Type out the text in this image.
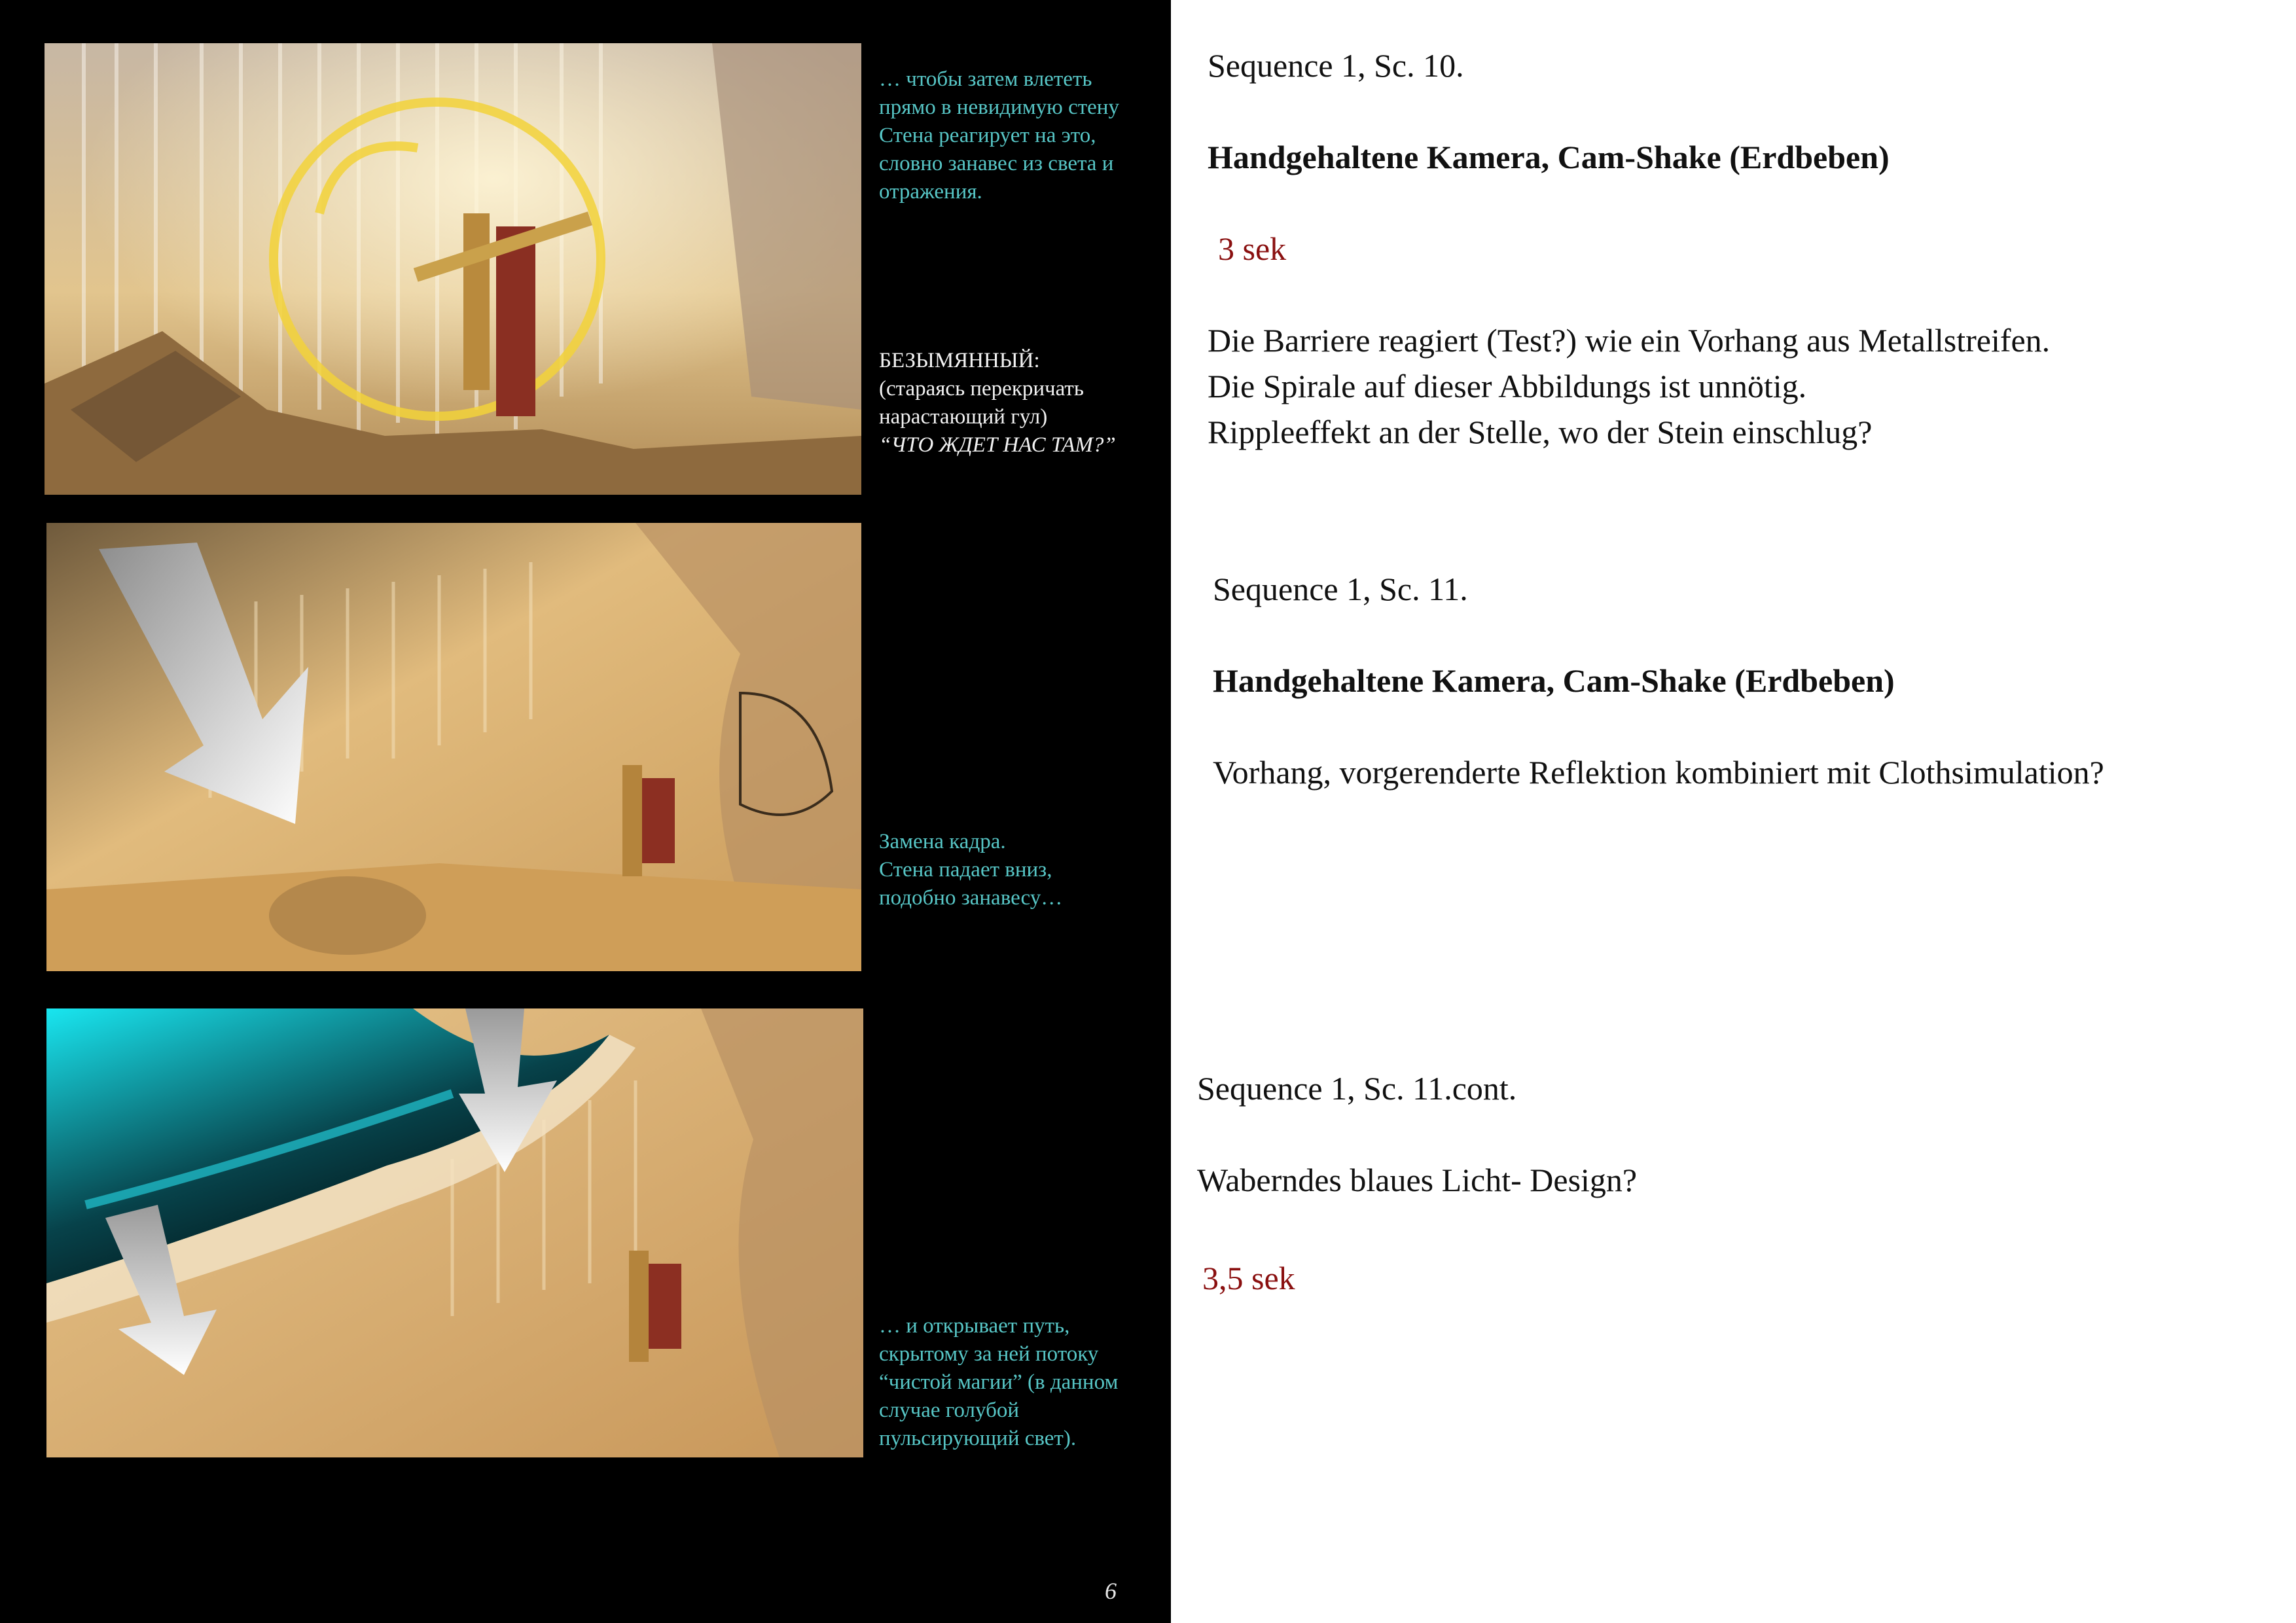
… чтобы затем влететь
прямо в невидимую стену
Стена реагирует на это,
словно занавес из света и
отражения.
БЕЗЫМЯННЫЙ:
(стараясь перекричать
нарастающий гул)
“ЧТО ЖДЕТ НАС ТАМ?”
Замена кадра.
Стена падает вниз,
подобно занавесу…
… и открывает путь,
скрытому за ней потоку
“чистой магии” (в данном
случае голубой
пульсирующий свет).
6
Sequence 1, Sc. 10.
Handgehaltene Kamera, Cam-Shake (Erdbeben)
3 sek
Die Barriere reagiert (Test?) wie ein Vorhang aus Metallstreifen.
Die Spirale auf dieser Abbildungs ist unnötig.
Rippleeffekt an der Stelle, wo der Stein einschlug?
Sequence 1, Sc. 11.
Handgehaltene Kamera, Cam-Shake (Erdbeben)
Vorhang, vorgerenderte Reflektion kombiniert mit Clothsimulation?
Sequence 1, Sc. 11.cont.
Waberndes blaues Licht- Design?
3,5 sek
